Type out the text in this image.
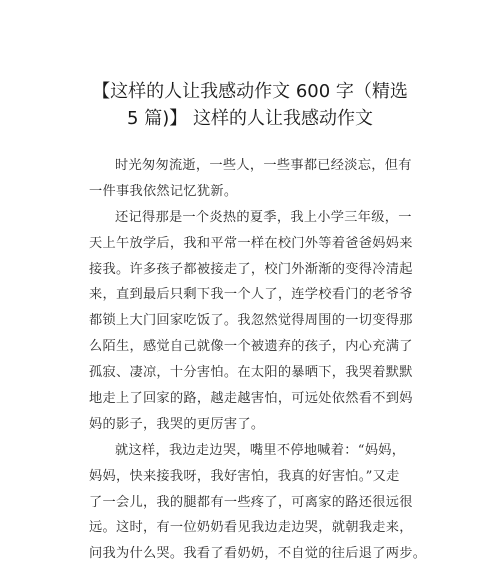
【这样的人让我感动作文 600 字（精选
5 篇)】 这样的人让我感动作文
时光匆匆流逝，一些人，一些事都已经淡忘，但有
一件事我依然记忆犹新。
还记得那是一个炎热的夏季，我上小学三年级，一
天上午放学后，我和平常一样在校门外等着爸爸妈妈来
接我。许多孩子都被接走了，校门外渐渐的变得冷清起
来，直到最后只剩下我一个人了，连学校看门的老爷爷
都锁上大门回家吃饭了。我忽然觉得周围的一切变得那
么陌生，感觉自己就像一个被遗弃的孩子，内心充满了
孤寂、凄凉，十分害怕。在太阳的暴晒下，我哭着默默
地走上了回家的路，越走越害怕，可远处依然看不到妈
妈的影子，我哭的更厉害了。
就这样，我边走边哭，嘴里不停地喊着：“妈妈，
妈妈，快来接我呀，我好害怕，我真的好害怕。”又走
了一会儿，我的腿都有一些疼了，可离家的路还很远很
远。这时，有一位奶奶看见我边走边哭，就朝我走来，
问我为什么哭。我看了看奶奶，不自觉的往后退了两步。
